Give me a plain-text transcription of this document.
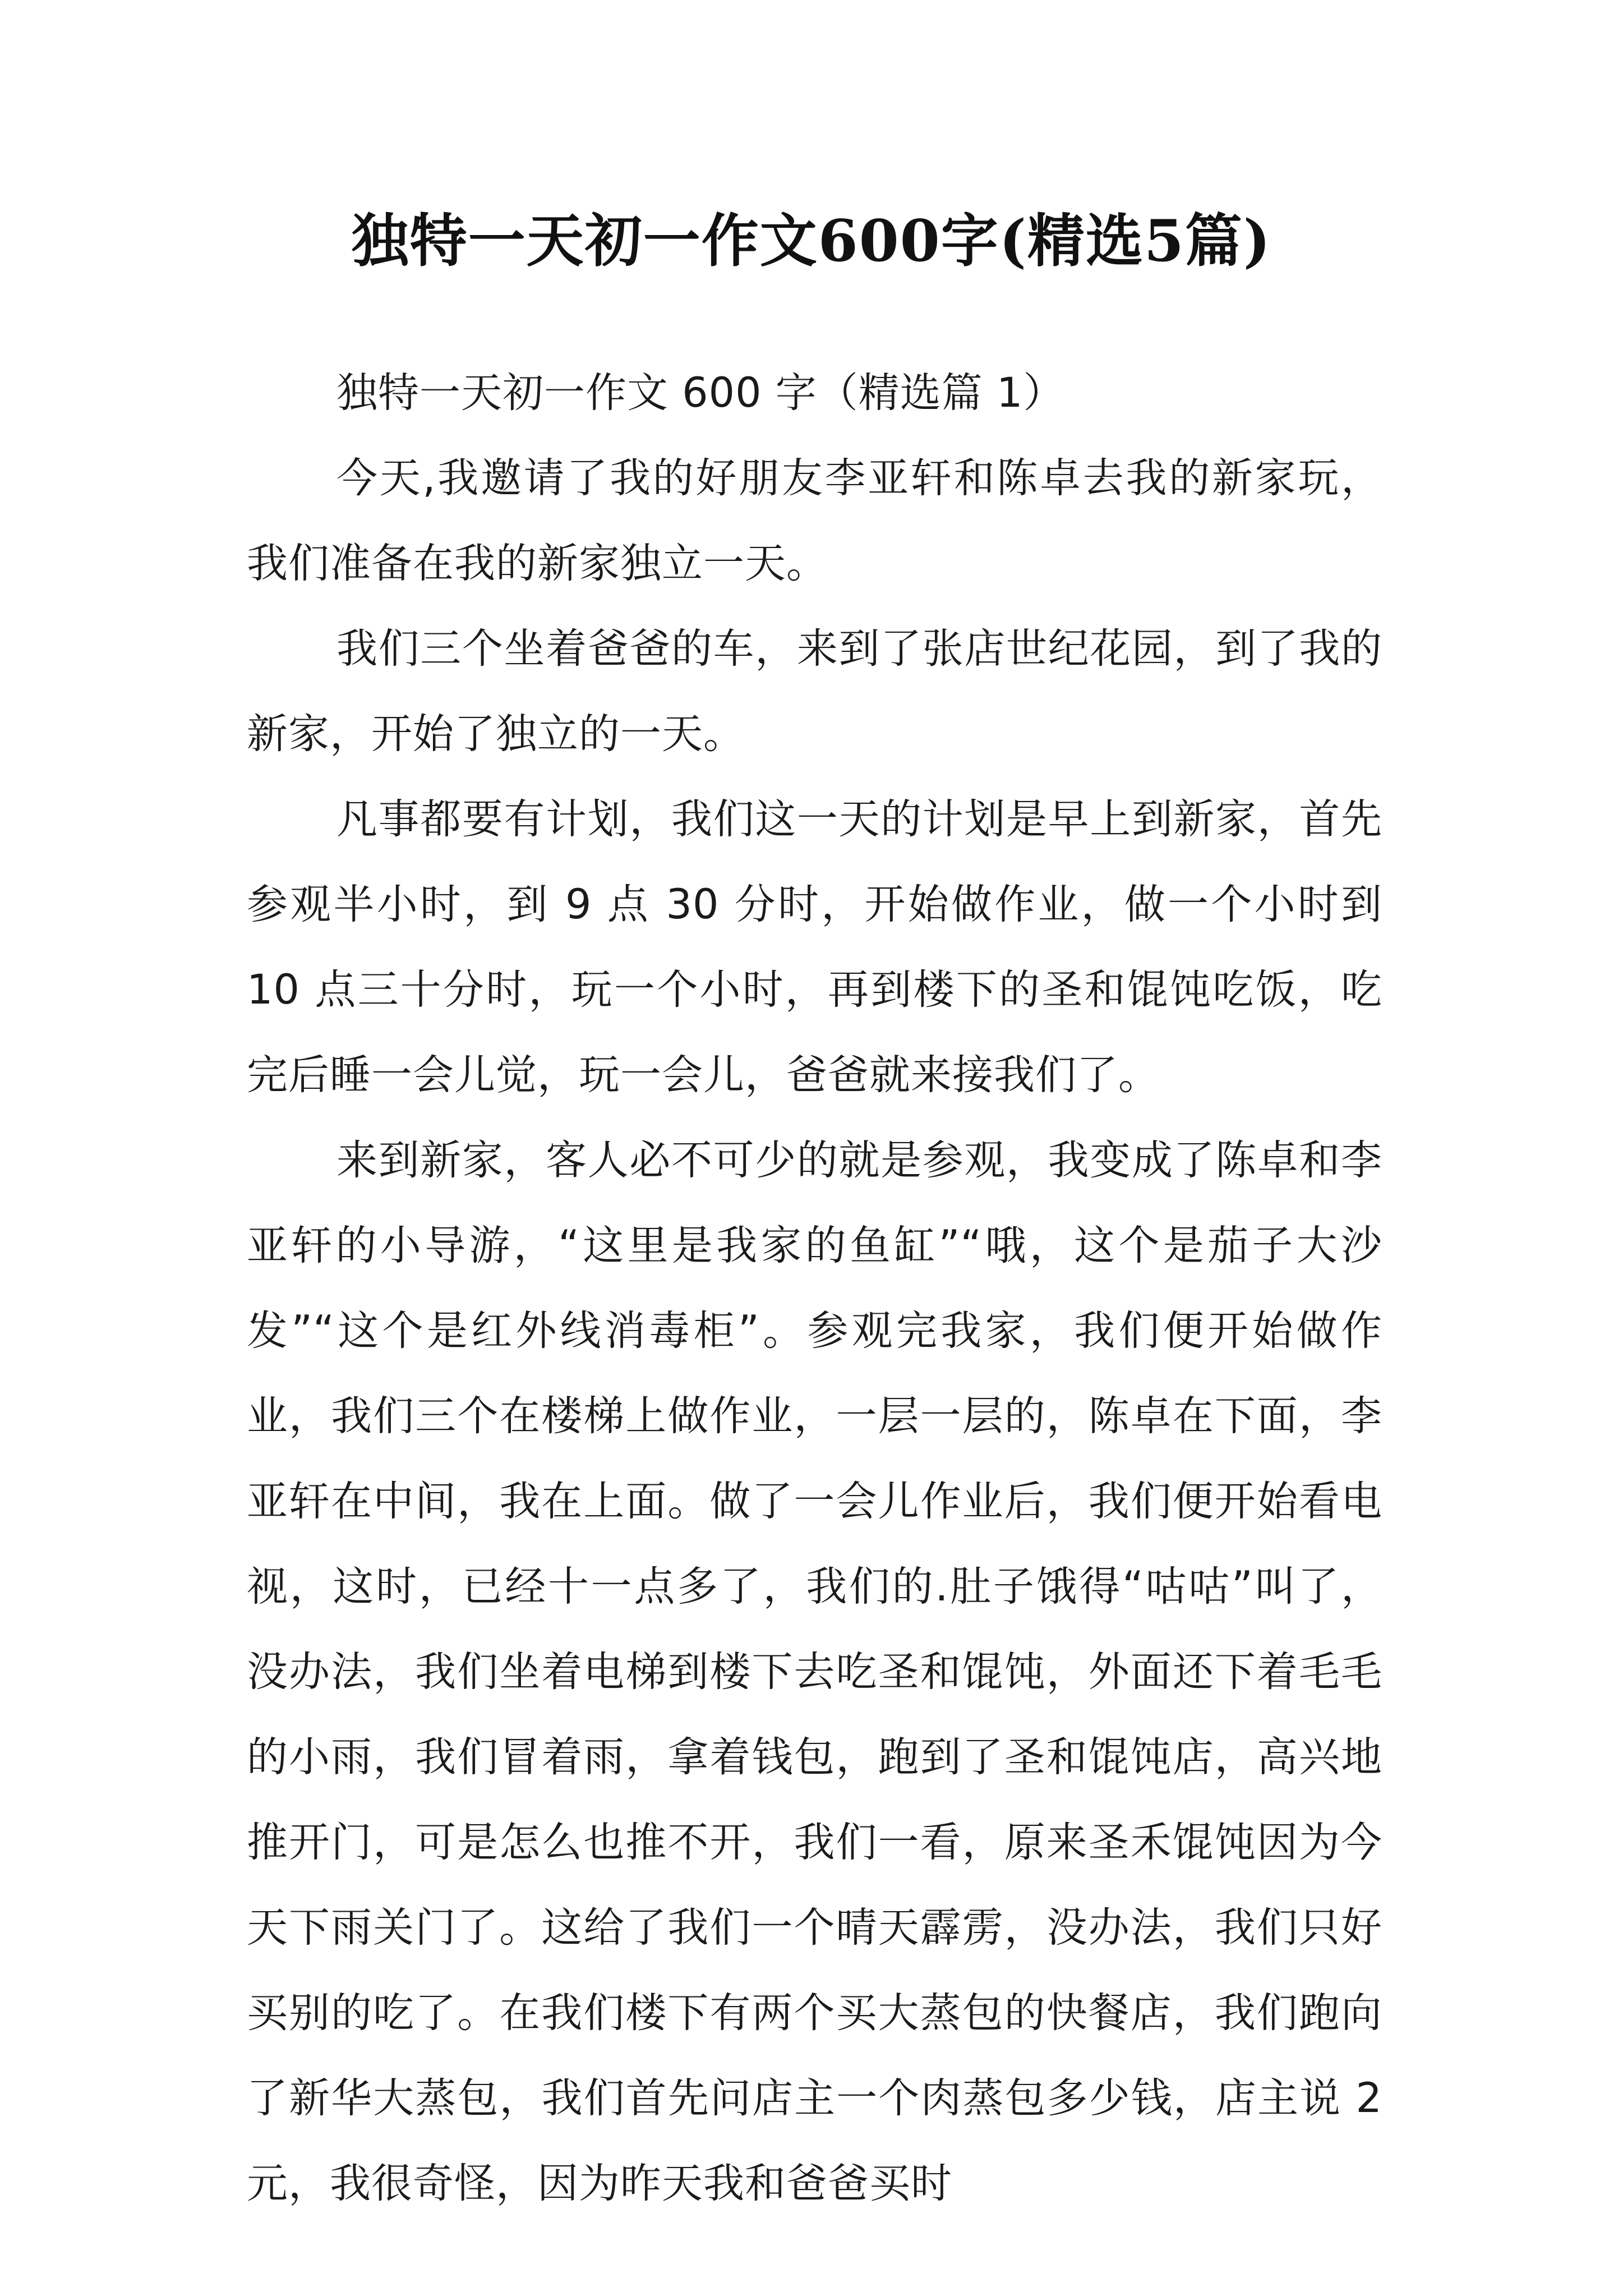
独特一天初一作文600字(精选5篇)
独特一天初一作文 600 字（精选篇 1）

今天,我邀请了我的好朋友李亚轩和陈卓去我的新家玩，我们准备在我的新家独立一天。

我们三个坐着爸爸的车，来到了张店世纪花园，到了我的新家，开始了独立的一天。

凡事都要有计划，我们这一天的计划是早上到新家，首先参观半小时，到 9 点 30 分时，开始做作业，做一个小时到 10 点三十分时，玩一个小时，再到楼下的圣和馄饨吃饭，吃完后睡一会儿觉，玩一会儿，爸爸就来接我们了。

来到新家，客人必不可少的就是参观，我变成了陈卓和李亚轩的小导游，“这里是我家的鱼缸”“哦，这个是茄子大沙发”“这个是红外线消毒柜”。参观完我家，我们便开始做作业，我们三个在楼梯上做作业，一层一层的，陈卓在下面，李亚轩在中间，我在上面。做了一会儿作业后，我们便开始看电视，这时，已经十一点多了，我们的.肚子饿得“咕咕”叫了，没办法，我们坐着电梯到楼下去吃圣和馄饨，外面还下着毛毛的小雨，我们冒着雨，拿着钱包，跑到了圣和馄饨店，高兴地推开门，可是怎么也推不开，我们一看，原来圣禾馄饨因为今天下雨关门了。这给了我们一个晴天霹雳，没办法，我们只好买别的吃了。在我们楼下有两个买大蒸包的快餐店，我们跑向了新华大蒸包，我们首先问店主一个肉蒸包多少钱，店主说 2 元，我很奇怪，因为昨天我和爸爸买时
